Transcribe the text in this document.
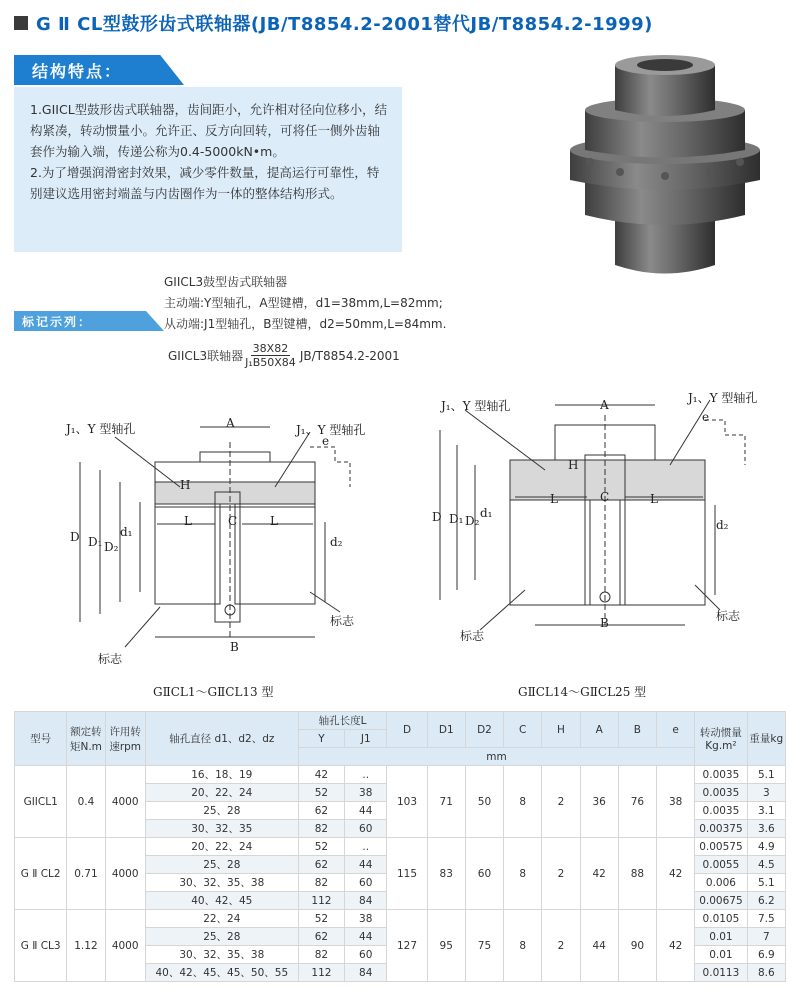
G Ⅱ CL型鼓形齿式联轴器(JB/T8854.2-2001替代JB/T8854.2-1999)
结构特点：

1.GIICL型鼓形齿式联轴器，齿间距小，允许相对径向位移小，结构紧凑，转动惯量小。允许正、反方向回转，可将任一侧外齿轴套作为输入端，传递公称为0.4-5000kN•m。

2.为了增强润滑密封效果，减少零件数量，提高运行可靠性，特别建议选用密封端盖与内齿圈作为一体的整体结构形式。

标记示列：
GIICL3鼓型齿式联轴器
主动端:Y型轴孔，A型键槽，d1=38mm,L=82mm;
从动端:J1型轴孔，B型键槽，d2=50mm,L=84mm.
GIICL3联轴器 $\frac{38X82}{\text{J₁B50X84}} JB/T8854.2-2001$
J₁、Y 型轴孔	J₁、Y 型轴孔
A
e
H
L	C	L
D D₁ D₂
d₁
d₂
标志
标志
B
GⅡCL1～GⅡCL13 型
J₁、Y 型轴孔
J₁、Y 型轴孔
A
e
H
L	C	L
D D₁ D₂
d₁
d₂
标志
标志
B
GⅡCL14～GⅡCL25 型
型号	额定转矩N.m	许用转速rpm	轴孔直径 d1、d2、dz	轴孔长度L		D	D1	D2	C	H	A	B	e	转动惯量Kg.m²	重量kg
				Y	J1										
				mm											
GIICL1	0.4	4000	16、18、19	42	..	103	71	50	8	2	36	76	38	0.0035	5.1
			20、22、24	52	38									0.0035	3
			25、28	62	44									0.0035	3.1
			30、32、35	82	60									0.00375	3.6
G Ⅱ CL2	0.71	4000	20、22、24	52	..	115	83	60	8	2	42	88	42	0.00575	4.9
			25、28	62	44									0.0055	4.5
			30、32、35、38	82	60									0.006	5.1
			40、42、45	112	84									0.00675	6.2
G Ⅱ CL3	1.12	4000	22、24	52	38	127	95	75	8	2	44	90	42	0.0105	7.5
			25、28	62	44									0.01	7
			30、32、35、38	82	60									0.01	6.9
			40、42、45、45、50、55	112	84									0.0113	8.6
